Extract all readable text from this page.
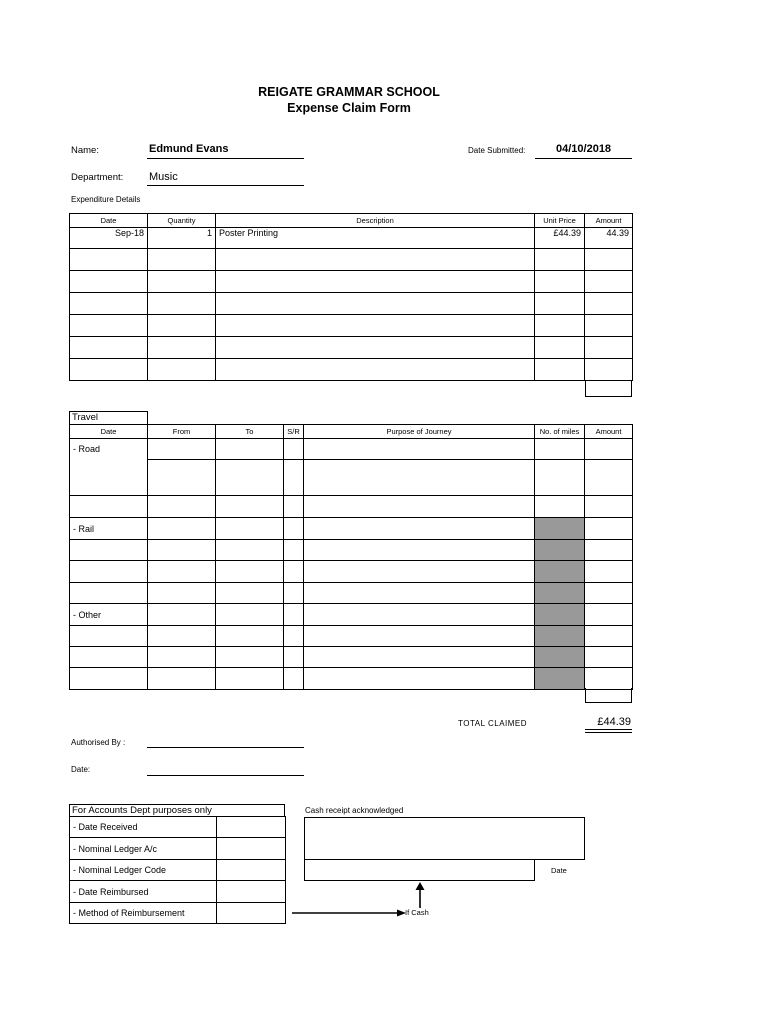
REIGATE GRAMMAR SCHOOL
Expense Claim Form
Name:	Edmund Evans	Date Submitted:	04/10/2018
Department: Music
Expenditure Details
Date	Quantity	Description	Unit Price	Amount
Sep-18	1	Poster Printing	£44.39	44.39

Travel
Date	From	To	S/R	Purpose of Journey	No. of miles	Amount
- Road						

- Rail						

- Other						

TOTAL CLAIMED	£44.39
Authorised By :
Date:
For Accounts Dept purposes only
- Date Received	
- Nominal Ledger A/c	
- Nominal Ledger Code	
- Date Reimbursed	
- Method of Reimbursement	
Cash receipt acknowledged
Date
If Cash
